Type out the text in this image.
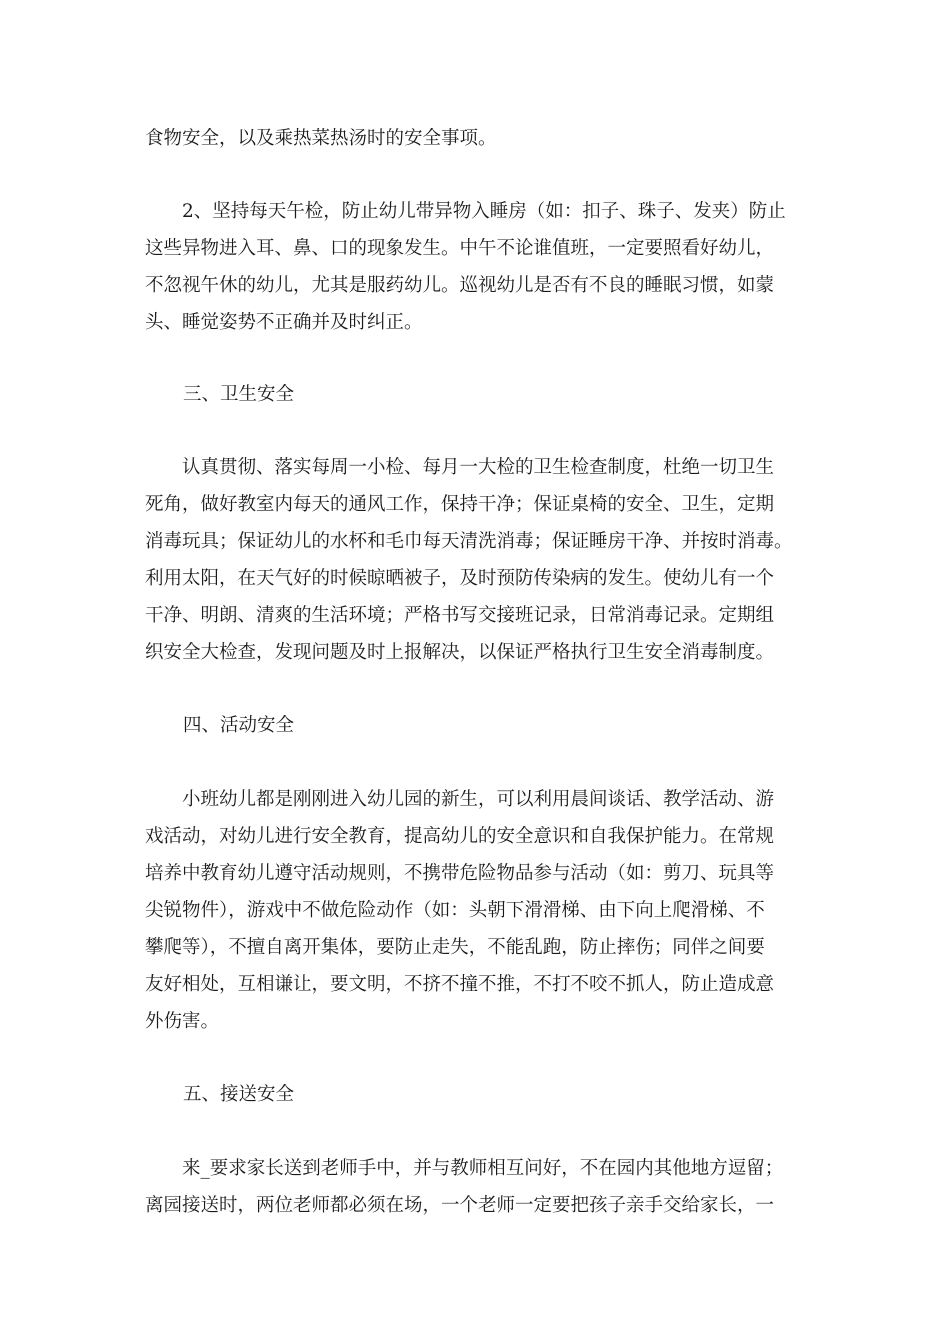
食物安全，以及乘热菜热汤时的安全事项。

　　2、坚持每天午检，防止幼儿带异物入睡房（如：扣子、珠子、发夹）防止
这些异物进入耳、鼻、口的现象发生。中午不论谁值班，一定要照看好幼儿，
不忽视午休的幼儿，尤其是服药幼儿。巡视幼儿是否有不良的睡眠习惯，如蒙
头、睡觉姿势不正确并及时纠正。

三、卫生安全

　　认真贯彻、落实每周一小检、每月一大检的卫生检查制度，杜绝一切卫生
死角，做好教室内每天的通风工作，保持干净；保证桌椅的安全、卫生，定期
消毒玩具；保证幼儿的水杯和毛巾每天清洗消毒；保证睡房干净、并按时消毒。
利用太阳，在天气好的时候晾晒被子，及时预防传染病的发生。使幼儿有一个
干净、明朗、清爽的生活环境；严格书写交接班记录，日常消毒记录。定期组
织安全大检查，发现问题及时上报解决，以保证严格执行卫生安全消毒制度。

四、活动安全

　　小班幼儿都是刚刚进入幼儿园的新生，可以利用晨间谈话、教学活动、游
戏活动，对幼儿进行安全教育，提高幼儿的安全意识和自我保护能力。在常规
培养中教育幼儿遵守活动规则，不携带危险物品参与活动（如：剪刀、玩具等
尖锐物件），游戏中不做危险动作（如：头朝下滑滑梯、由下向上爬滑梯、不
攀爬等），不擅自离开集体，要防止走失，不能乱跑，防止摔伤；同伴之间要
友好相处，互相谦让，要文明，不挤不撞不推，不打不咬不抓人，防止造成意
外伤害。

五、接送安全

　　来_要求家长送到老师手中，并与教师相互问好，不在园内其他地方逗留；
离园接送时，两位老师都必须在场，一个老师一定要把孩子亲手交给家长，一
